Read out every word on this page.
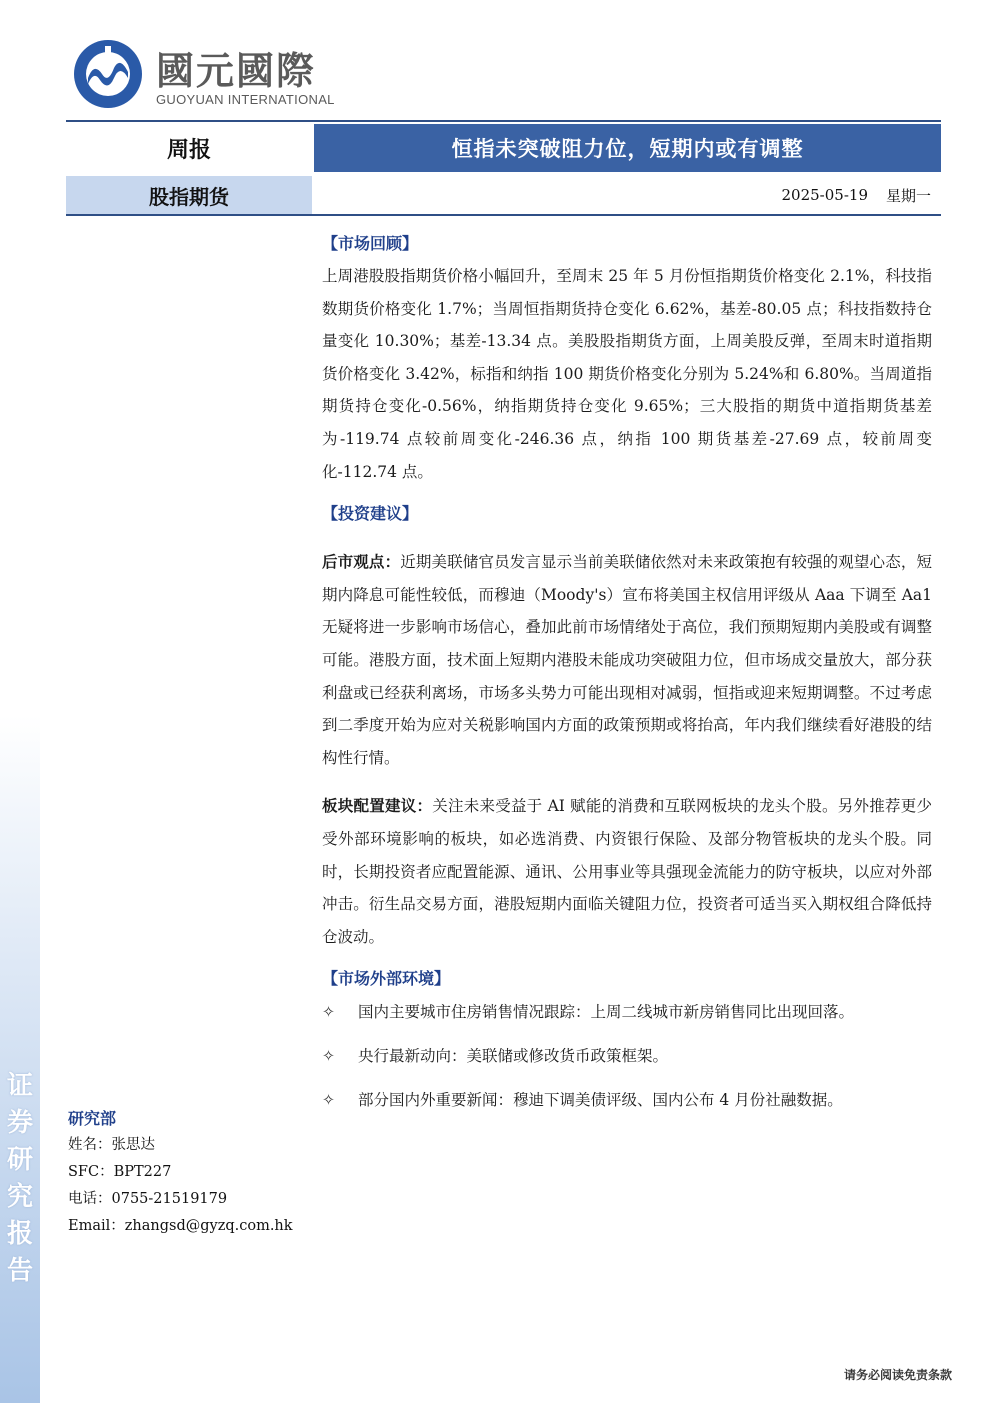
证券研究报告
國元國際
GUOYUAN INTERNATIONAL
周报	恒指未突破阻力位，短期内或有调整
股指期货	2025-05-19 星期一
【市场回顾】

上周港股股指期货价格小幅回升，至周末 25 年 5 月份恒指期货价格变化 2.1%，科技指数期货价格变化 1.7%；当周恒指期货持仓变化 6.62%，基差-80.05 点；科技指数持仓量变化 10.30%；基差-13.34 点。美股股指期货方面，上周美股反弹，至周末时道指期货价格变化 3.42%，标指和纳指 100 期货价格变化分别为 5.24%和 6.80%。当周道指期货持仓变化-0.56%，纳指期货持仓变化 9.65%；三大股指的期货中道指期货基差为-119.74 点较前周变化-246.36 点，纳指 100 期货基差-27.69 点，较前周变化-112.74 点。

【投资建议】

后市观点：近期美联储官员发言显示当前美联储依然对未来政策抱有较强的观望心态，短期内降息可能性较低，而穆迪（Moody's）宣布将美国主权信用评级从 Aaa 下调至 Aa1 无疑将进一步影响市场信心，叠加此前市场情绪处于高位，我们预期短期内美股或有调整可能。港股方面，技术面上短期内港股未能成功突破阻力位，但市场成交量放大，部分获利盘或已经获利离场，市场多头势力可能出现相对减弱，恒指或迎来短期调整。不过考虑到二季度开始为应对关税影响国内方面的政策预期或将抬高，年内我们继续看好港股的结构性行情。

板块配置建议：关注未来受益于 AI 赋能的消费和互联网板块的龙头个股。另外推荐更少受外部环境影响的板块，如必选消费、内资银行保险、及部分物管板块的龙头个股。同时，长期投资者应配置能源、通讯、公用事业等具强现金流能力的防守板块，以应对外部冲击。衍生品交易方面，港股短期内面临关键阻力位，投资者可适当买入期权组合降低持仓波动。

【市场外部环境】
✧	国内主要城市住房销售情况跟踪：上周二线城市新房销售同比出现回落。
✧	央行最新动向：美联储或修改货币政策框架。
✧	部分国内外重要新闻：穆迪下调美债评级、国内公布 4 月份社融数据。
研究部
姓名：张思达
SFC：BPT227
电话：0755-21519179
Email：zhangsd@gyzq.com.hk
请务必阅读免责条款
